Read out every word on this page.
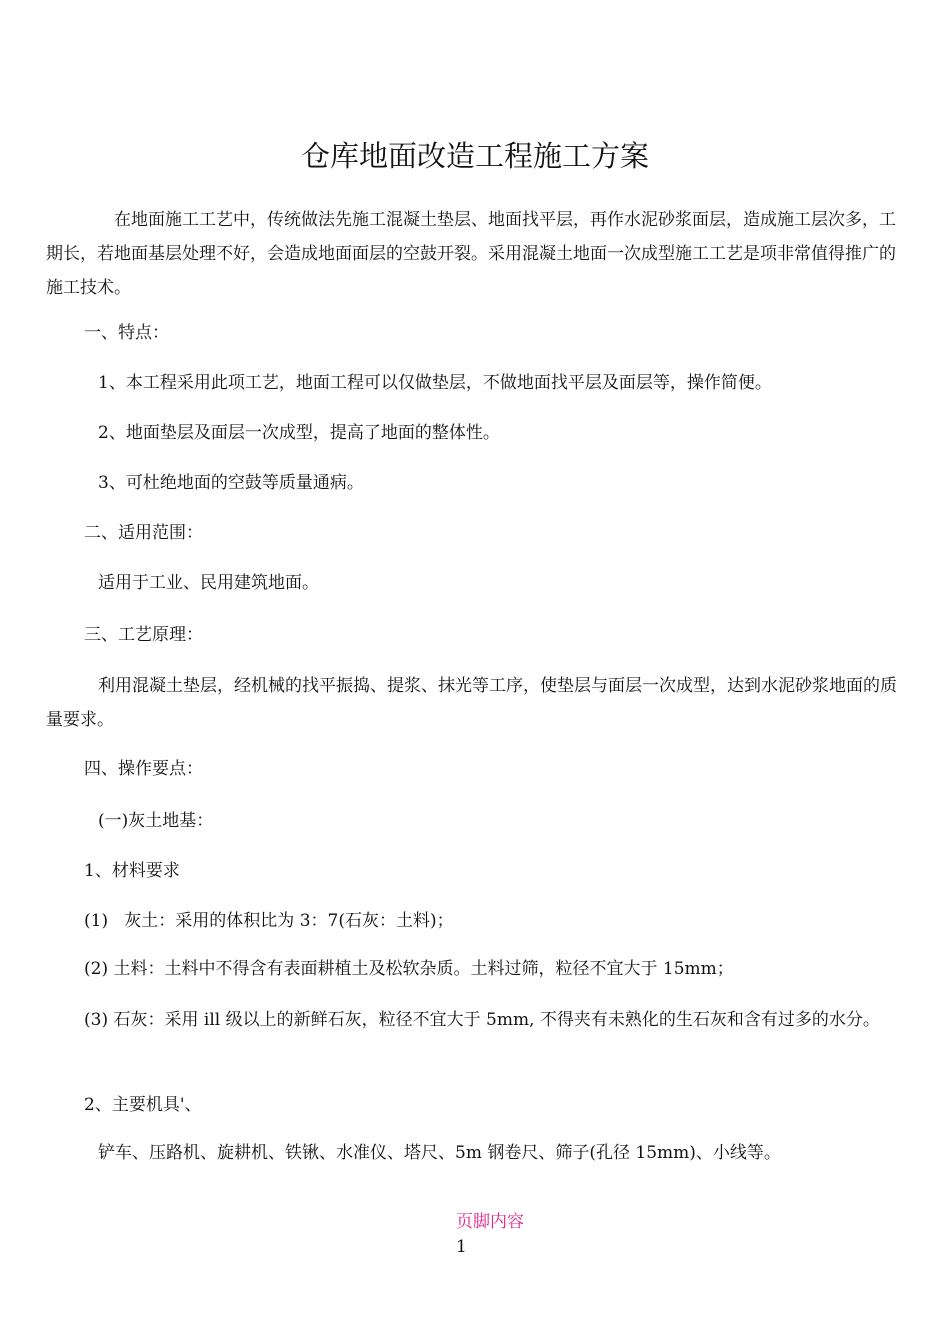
仓库地面改造工程施工方案

在地面施工工艺中，传统做法先施工混凝土垫层、地面找平层，再作水泥砂浆面层，造成施工层次多，工期长，若地面基层处理不好，会造成地面面层的空鼓开裂。采用混凝土地面一次成型施工工艺是项非常值得推广的施工技术。

一、特点：
1、本工程采用此项工艺，地面工程可以仅做垫层，不做地面找平层及面层等，操作简便。
2、地面垫层及面层一次成型，提高了地面的整体性。
3、可杜绝地面的空鼓等质量通病。
二、适用范围：
适用于工业、民用建筑地面。
三、工艺原理：

利用混凝土垫层，经机械的找平振捣、提浆、抹光等工序，使垫层与面层一次成型，达到水泥砂浆地面的质量要求。

四、操作要点：
(一)灰土地基：
1、材料要求
(1)   灰土：采用的体积比为 3：7(石灰：土料)；
(2) 土料：土料中不得含有表面耕植土及松软杂质。土料过筛，粒径不宜大于 15mm；

(3) 石灰：采用 ill 级以上的新鲜石灰，粒径不宜大于 5mm, 不得夹有未熟化的生石灰和含有过多的水分。

2、主要机具'、
铲车、压路机、旋耕机、铁锹、水准仪、塔尺、5m 钢卷尺、筛子(孔径 15mm)、小线等。
页脚内容1
